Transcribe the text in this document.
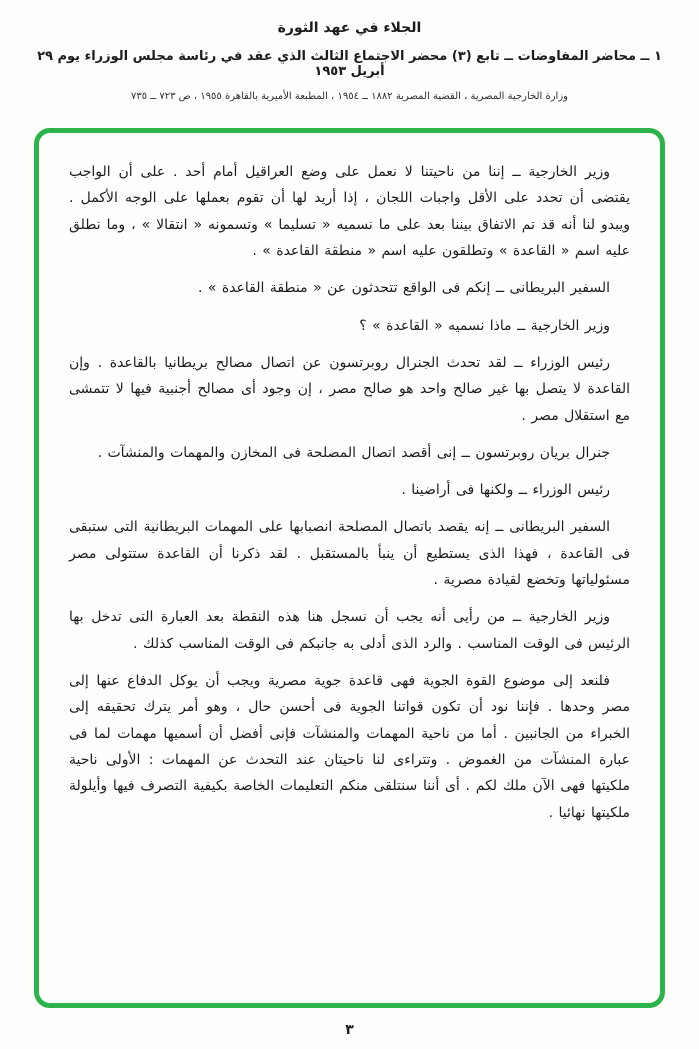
الجلاء في عهد الثورة
١ ــ محاضر المفاوضات ــ تابع (٣) محضر الاجتماع الثالث الذي عقد في رئاسة مجلس الوزراء يوم ٢٩ أبريل ١٩٥٣
وزارة الخارجية المصرية ، القضية المصرية ١٨٨٢ ــ ١٩٥٤ ، المطبعة الأميرية بالقاهرة ١٩٥٥ ، ص ٧٢٣ ــ ٧٣٥

وزير الخارجية ــ إننا من ناحيتنا لا نعمل على وضع العراقيل أمام أحد . على أن الواجب يقتضى أن تحدد على الأقل واجبات اللجان ، إذا أريد لها أن تقوم بعملها على الوجه الأكمل . ويبدو لنا أنه قد تم الاتفاق بيننا بعد على ما نسميه « تسليما » وتسمونه « انتقالا » ، وما نطلق عليه اسم « القاعدة » وتطلقون عليه اسم « منطقة القاعدة » .

السفير البريطانى ــ إنكم فى الواقع تتحدثون عن « منطقة القاعدة » .

وزير الخارجية ــ ماذا نسميه « القاعدة » ؟

رئيس الوزراء ــ لقد تحدث الجنرال روبرتسون عن اتصال مصالح بريطانيا بالقاعدة . وإن القاعدة لا يتصل بها غير صالح واحد هو صالح مصر ، إن وجود أى مصالح أجنبية فيها لا تتمشى مع استقلال مصر .

جنرال بريان روبرتسون ــ إنى أقصد اتصال المصلحة فى المخازن والمهمات والمنشآت .

رئيس الوزراء ــ ولكنها فى أراضينا .

السفير البريطانى ــ إنه يقصد باتصال المصلحة انصبابها على المهمات البريطانية التى ستبقى فى القاعدة ، فهذا الذى يستطيع أن ينبأ بالمستقبل . لقد ذكرنا أن القاعدة ستتولى مصر مسئولياتها وتخضع لقيادة مصرية .

وزير الخارجية ــ من رأيى أنه يجب أن نسجل هنا هذه النقطة بعد العبارة التى تدخل بها الرئيس فى الوقت المناسب . والرد الذى أدلى به جانبكم فى الوقت المناسب كذلك .

فلنعد إلى موضوع القوة الجوية فهى قاعدة جوية مصرية ويجب أن يوكل الدفاع عنها إلى مصر وحدها . فإننا نود أن تكون قواتنا الجوية فى أحسن حال ، وهو أمر يترك تحقيقه إلى الخبراء من الجانبين . أما من ناحية المهمات والمنشآت فإنى أفضل أن أسميها مهمات لما فى عبارة المنشآت من الغموض . وتتراءى لنا ناحيتان عند التحدث عن المهمات : الأولى ناحية ملكيتها فهى الآن ملك لكم . أى أننا سنتلقى منكم التعليمات الخاصة بكيفية التصرف فيها وأيلولة ملكيتها نهائيا .

٣
